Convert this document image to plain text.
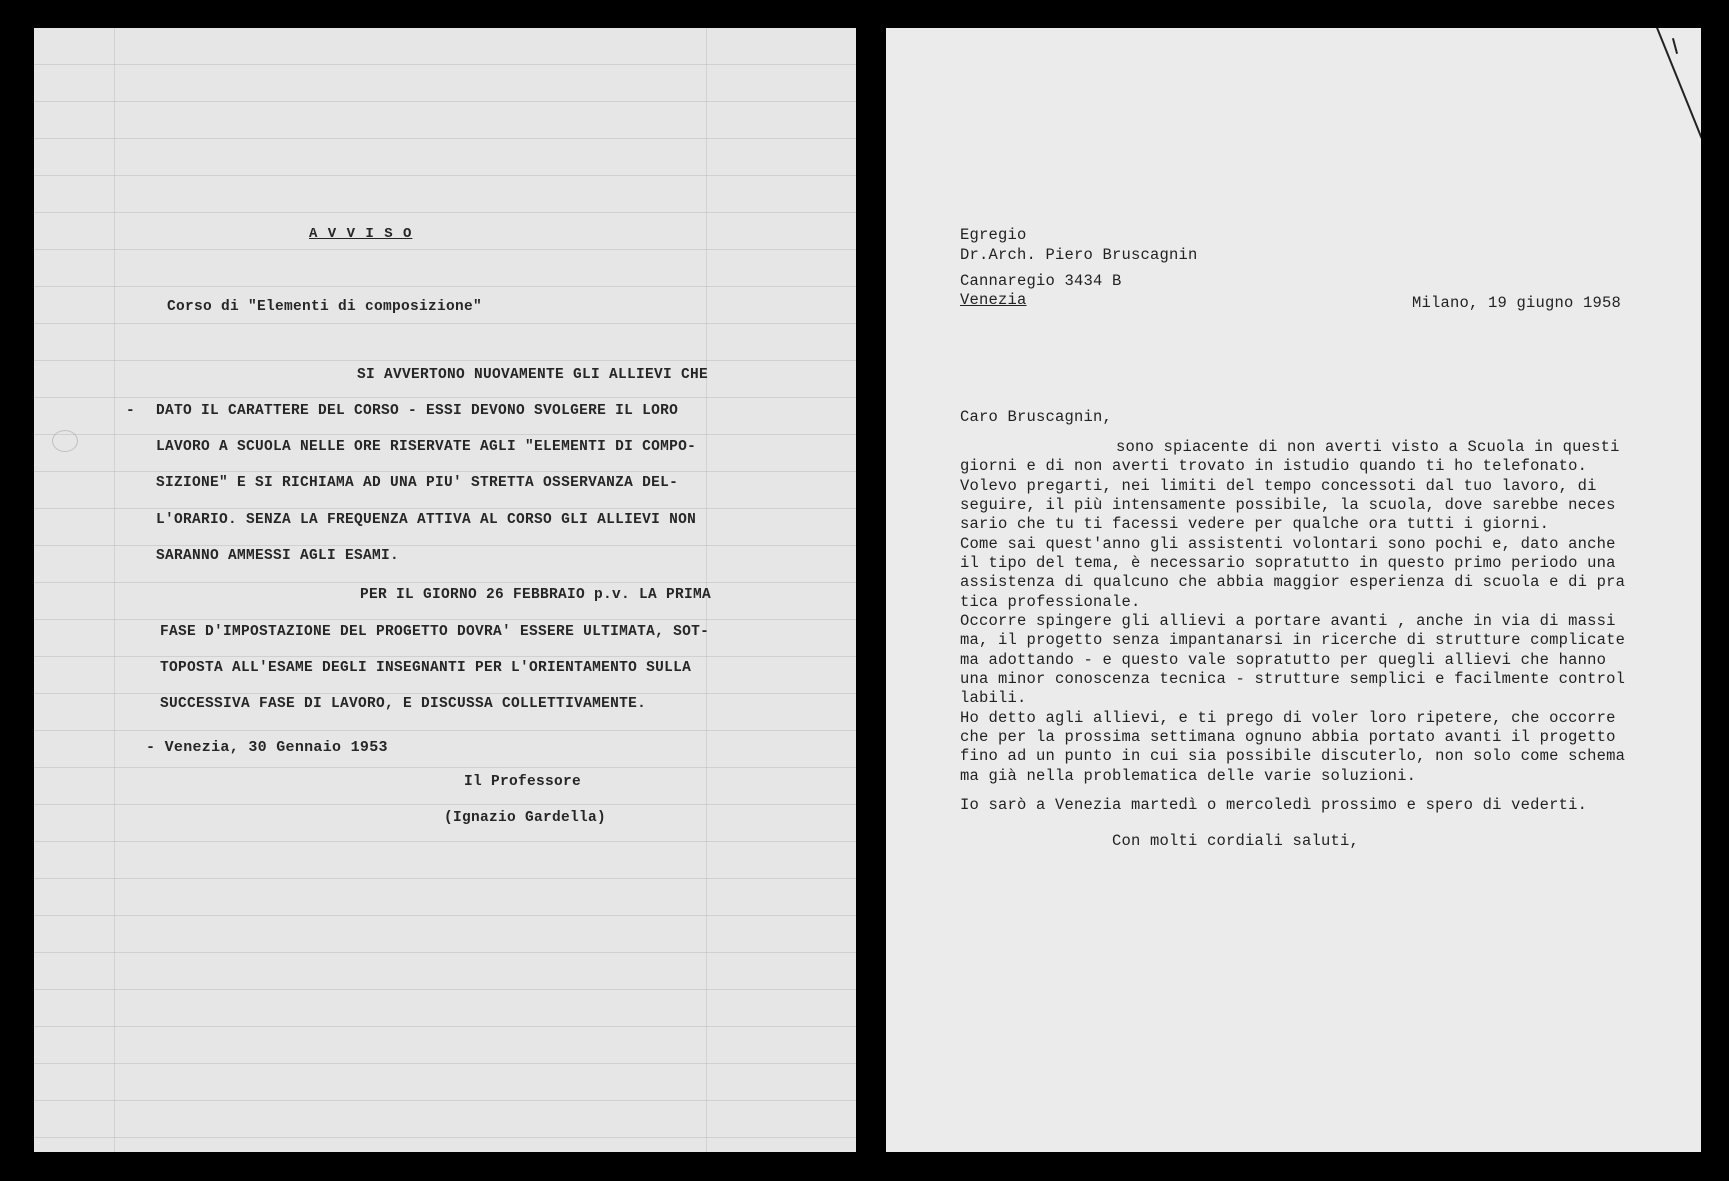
A V V I S O
Corso di "Elementi di composizione"
SI AVVERTONO NUOVAMENTE GLI ALLIEVI CHE
- DATO IL CARATTERE DEL CORSO - ESSI DEVONO SVOLGERE IL LORO
LAVORO A SCUOLA NELLE ORE RISERVATE AGLI "ELEMENTI DI COMPO-
SIZIONE" E SI RICHIAMA AD UNA PIU' STRETTA OSSERVANZA DEL-
L'ORARIO. SENZA LA FREQUENZA ATTIVA AL CORSO GLI ALLIEVI NON
SARANNO AMMESSI AGLI ESAMI.
PER IL GIORNO 26 FEBBRAIO p.v. LA PRIMA
FASE D'IMPOSTAZIONE DEL PROGETTO DOVRA' ESSERE ULTIMATA, SOT-
TOPOSTA ALL'ESAME DEGLI INSEGNANTI PER L'ORIENTAMENTO SULLA
SUCCESSIVA FASE DI LAVORO, E DISCUSSA COLLETTIVAMENTE.
- Venezia, 30 Gennaio 1953
Il Professore
(Ignazio Gardella)
Egregio
Dr.Arch. Piero Bruscagnin
Cannaregio 3434 B
Venezia	Milano, 19 giugno 1958
Caro Bruscagnin,
sono spiacente di non averti visto a Scuola in questi
giorni e di non averti trovato in istudio quando ti ho telefonato.
Volevo pregarti, nei limiti del tempo concessoti dal tuo lavoro, di
seguire, il più intensamente possibile, la scuola, dove sarebbe neces
sario che tu ti facessi vedere per qualche ora tutti i giorni.
Come sai quest'anno gli assistenti volontari sono pochi e, dato anche
il tipo del tema, è necessario sopratutto in questo primo periodo una
assistenza di qualcuno che abbia maggior esperienza di scuola e di pra
tica professionale.
Occorre spingere gli allievi a portare avanti , anche in via di massi
ma, il progetto senza impantanarsi in ricerche di strutture complicate
ma adottando - e questo vale sopratutto per quegli allievi che hanno
una minor conoscenza tecnica - strutture semplici e facilmente control
labili.
Ho detto agli allievi, e ti prego di voler loro ripetere, che occorre
che per la prossima settimana ognuno abbia portato avanti il progetto
fino ad un punto in cui sia possibile discuterlo, non solo come schema
ma già nella problematica delle varie soluzioni.
Io sarò a Venezia martedì o mercoledì prossimo e spero di vederti.
Con molti cordiali saluti,
